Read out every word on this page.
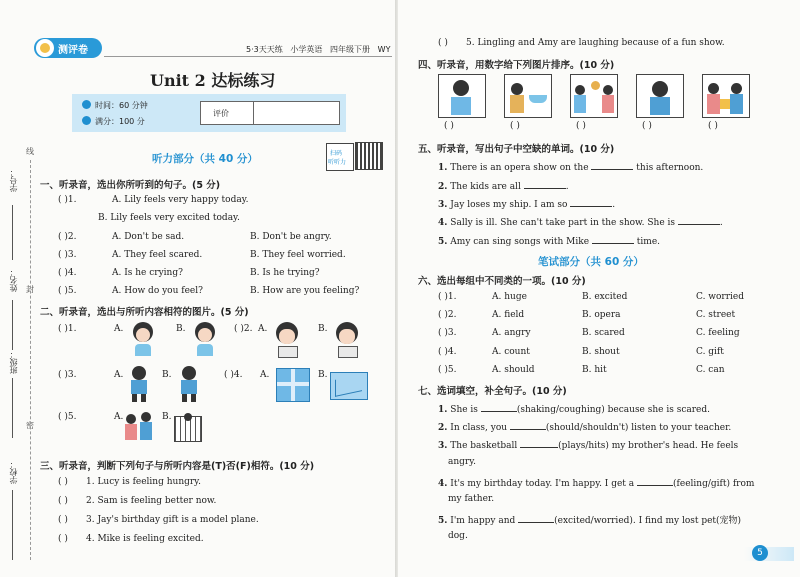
学号：
线
姓名： 封
班级：
密
学校：
测评卷	5·3天天练 小学英语 四年级下册 WY
Unit 2 达标练习
时间：60 分钟
满分：100 分
评价
听力部分（共 40 分）	扫码
听听力
一、听录音，选出你所听到的句子。(5 分)
( )1.	A. Lily feels very happy today.
B. Lily feels very excited today.
( )2.	A. Don't be sad.	B. Don't be angry.
( )3.	A. They feel scared.	B. They feel worried.
( )4.	A. Is he crying?	B. Is he trying?
( )5.	A. How do you feel?	B. How are you feeling?
二、听录音，选出与所听内容相符的图片。(5 分)
( )1.	A.	B.	( )2. A.	B.
( )3.	A.	B.	( )4. A.	B.
( )5.	A.	B.
三、听录音，判断下列句子与所听内容是(T)否(F)相符。(10 分)
( ) 1. Lucy is feeling hungry.
( ) 2. Sam is feeling better now.
( ) 3. Jay's birthday gift is a model plane.
( ) 4. Mike is feeling excited.
( ) 5. Lingling and Amy are laughing because of a fun show.
四、听录音，用数字给下列图片排序。(10 分)
( )	( )	( )	( )	( )
五、听录音，写出句子中空缺的单词。(10 分)
1. There is an opera show on the	this afternoon.
2. The kids are all	.
3. Jay loses my ship. I am so	.
4. Sally is ill. She can't take part in the show. She is	.
5. Amy can sing songs with Mike	time.
笔试部分（共 60 分）
六、选出每组中不同类的一项。(10 分)
( )1.	A. huge	B. excited	C. worried
( )2.	A. field	B. opera	C. street
( )3.	A. angry	B. scared	C. feeling
( )4.	A. count	B. shout	C. gift
( )5.	A. should	B. hit	C. can
七、选词填空，补全句子。(10 分)
1. She is	(shaking/coughing) because she is scared.
2. In class, you	(should/shouldn't) listen to your teacher.
3. The basketball	(plays/hits) my brother's head. He feels
angry.
4. It's my birthday today. I'm happy. I get a	(feeling/gift) from
my father.
5. I'm happy and	(excited/worried). I find my lost pet(宠物)
dog.
5
